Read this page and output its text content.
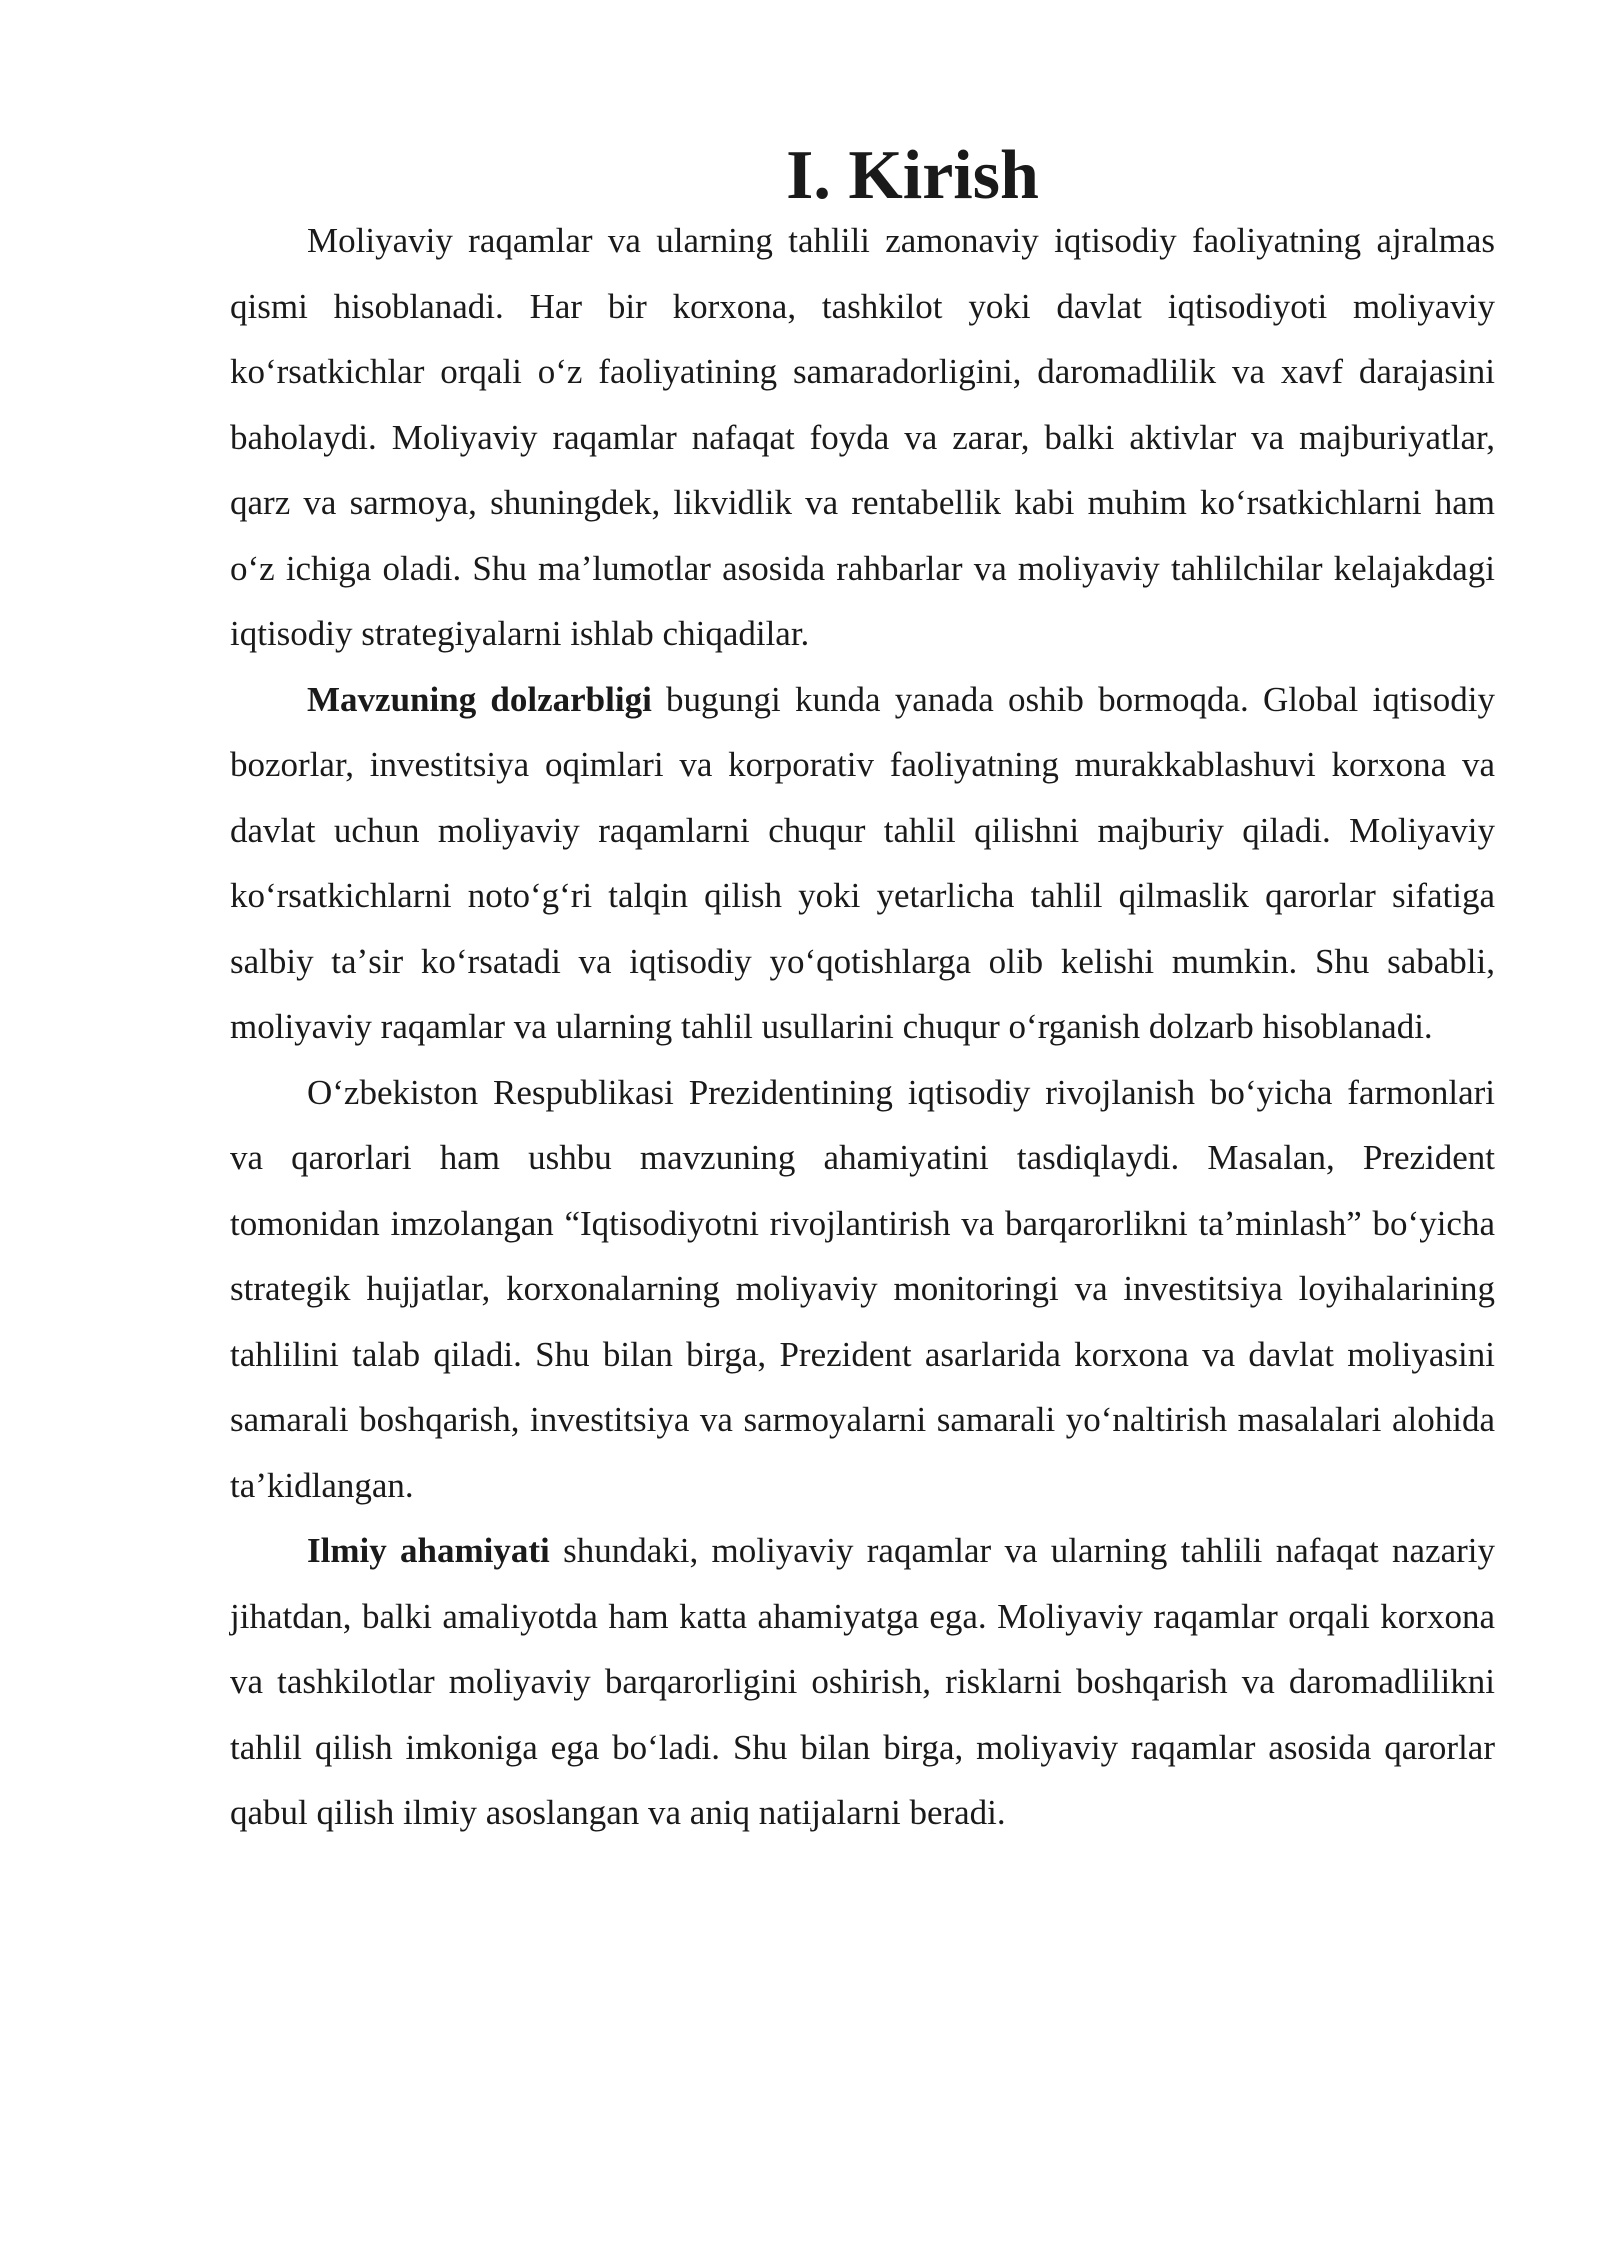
I. Kirish

Moliyaviy raqamlar va ularning tahlili zamonaviy iqtisodiy faoliyatning ajralmas qismi hisoblanadi. Har bir korxona, tashkilot yoki davlat iqtisodiyoti moliyaviy koʻrsatkichlar orqali oʻz faoliyatining samaradorligini, daromadlilik va xavf darajasini baholaydi. Moliyaviy raqamlar nafaqat foyda va zarar, balki aktivlar va majburiyatlar, qarz va sarmoya, shuningdek, likvidlik va rentabellik kabi muhim koʻrsatkichlarni ham oʻz ichiga oladi. Shu maʼlumotlar asosida rahbarlar va moliyaviy tahlilchilar kelajakdagi iqtisodiy strategiyalarni ishlab chiqadilar.

Mavzuning dolzarbligi bugungi kunda yanada oshib bormoqda. Global iqtisodiy bozorlar, investitsiya oqimlari va korporativ faoliyatning murakkablashuvi korxona va davlat uchun moliyaviy raqamlarni chuqur tahlil qilishni majburiy qiladi. Moliyaviy koʻrsatkichlarni notoʻgʻri talqin qilish yoki yetarlicha tahlil qilmaslik qarorlar sifatiga salbiy taʼsir koʻrsatadi va iqtisodiy yoʻqotishlarga olib kelishi mumkin. Shu sababli, moliyaviy raqamlar va ularning tahlil usullarini chuqur oʻrganish dolzarb hisoblanadi.

Oʻzbekiston Respublikasi Prezidentining iqtisodiy rivojlanish boʻyicha farmonlari va qarorlari ham ushbu mavzuning ahamiyatini tasdiqlaydi. Masalan, Prezident tomonidan imzolangan “Iqtisodiyotni rivojlantirish va barqarorlikni taʼminlash” boʻyicha strategik hujjatlar, korxonalarning moliyaviy monitoringi va investitsiya loyihalarining tahlilini talab qiladi. Shu bilan birga, Prezident asarlarida korxona va davlat moliyasini samarali boshqarish, investitsiya va sarmoyalarni samarali yoʻnaltirish masalalari alohida taʼkidlangan.

Ilmiy ahamiyati shundaki, moliyaviy raqamlar va ularning tahlili nafaqat nazariy jihatdan, balki amaliyotda ham katta ahamiyatga ega. Moliyaviy raqamlar orqali korxona va tashkilotlar moliyaviy barqarorligini oshirish, risklarni boshqarish va daromadlilikni tahlil qilish imkoniga ega boʻladi. Shu bilan birga, moliyaviy raqamlar asosida qarorlar qabul qilish ilmiy asoslangan va aniq natijalarni beradi.
